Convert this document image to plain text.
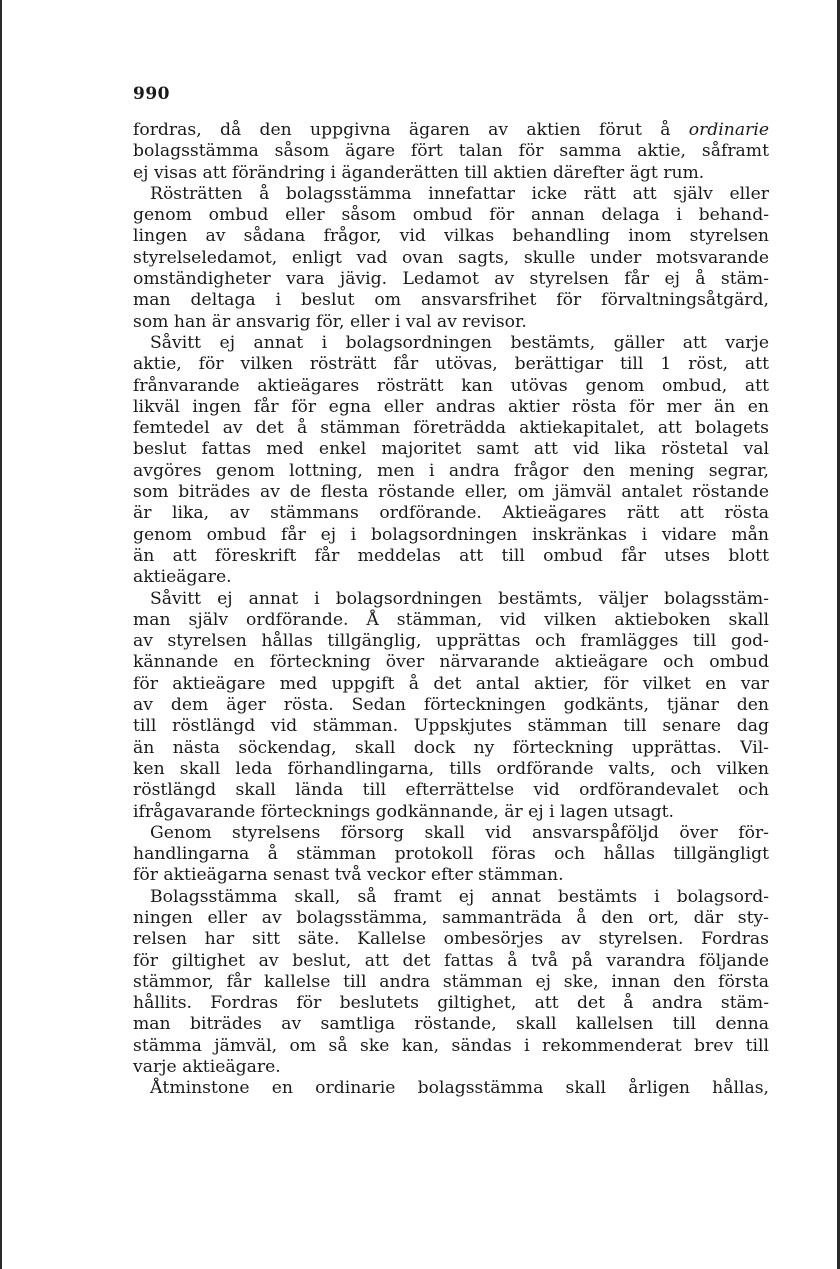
990
fordras, då den uppgivna ägaren av aktien förut å ordinarie
bolagsstämma såsom ägare fört talan för samma aktie, såframt
ej visas att förändring i äganderätten till aktien därefter ägt rum.
Rösträtten å bolagsstämma innefattar icke rätt att själv eller
genom ombud eller såsom ombud för annan delaga i behand-
lingen av sådana frågor, vid vilkas behandling inom styrelsen
styrelseledamot, enligt vad ovan sagts, skulle under motsvarande
omständigheter vara jävig. Ledamot av styrelsen får ej å stäm-
man deltaga i beslut om ansvarsfrihet för förvaltningsåtgärd,
som han är ansvarig för, eller i val av revisor.
Såvitt ej annat i bolagsordningen bestämts, gäller att varje
aktie, för vilken rösträtt får utövas, berättigar till 1 röst, att
frånvarande aktieägares rösträtt kan utövas genom ombud, att
likväl ingen får för egna eller andras aktier rösta för mer än en
femtedel av det å stämman företrädda aktiekapitalet, att bolagets
beslut fattas med enkel majoritet samt att vid lika röstetal val
avgöres genom lottning, men i andra frågor den mening segrar,
som biträdes av de flesta röstande eller, om jämväl antalet röstande
är lika, av stämmans ordförande. Aktieägares rätt att rösta
genom ombud får ej i bolagsordningen inskränkas i vidare mån
än att föreskrift får meddelas att till ombud får utses blott
aktieägare.
Såvitt ej annat i bolagsordningen bestämts, väljer bolagsstäm-
man själv ordförande. Å stämman, vid vilken aktieboken skall
av styrelsen hållas tillgänglig, upprättas och framlägges till god-
kännande en förteckning över närvarande aktieägare och ombud
för aktieägare med uppgift å det antal aktier, för vilket en var
av dem äger rösta. Sedan förteckningen godkänts, tjänar den
till röstlängd vid stämman. Uppskjutes stämman till senare dag
än nästa söckendag, skall dock ny förteckning upprättas. Vil-
ken skall leda förhandlingarna, tills ordförande valts, och vilken
röstlängd skall lända till efterrättelse vid ordförandevalet och
ifrågavarande förtecknings godkännande, är ej i lagen utsagt.
Genom styrelsens försorg skall vid ansvarspåföljd över för-
handlingarna å stämman protokoll föras och hållas tillgängligt
för aktieägarna senast två veckor efter stämman.
Bolagsstämma skall, så framt ej annat bestämts i bolagsord-
ningen eller av bolagsstämma, sammanträda å den ort, där sty-
relsen har sitt säte. Kallelse ombesörjes av styrelsen. Fordras
för giltighet av beslut, att det fattas å två på varandra följande
stämmor, får kallelse till andra stämman ej ske, innan den första
hållits. Fordras för beslutets giltighet, att det å andra stäm-
man biträdes av samtliga röstande, skall kallelsen till denna
stämma jämväl, om så ske kan, sändas i rekommenderat brev till
varje aktieägare.
Åtminstone en ordinarie bolagsstämma skall årligen hållas,
